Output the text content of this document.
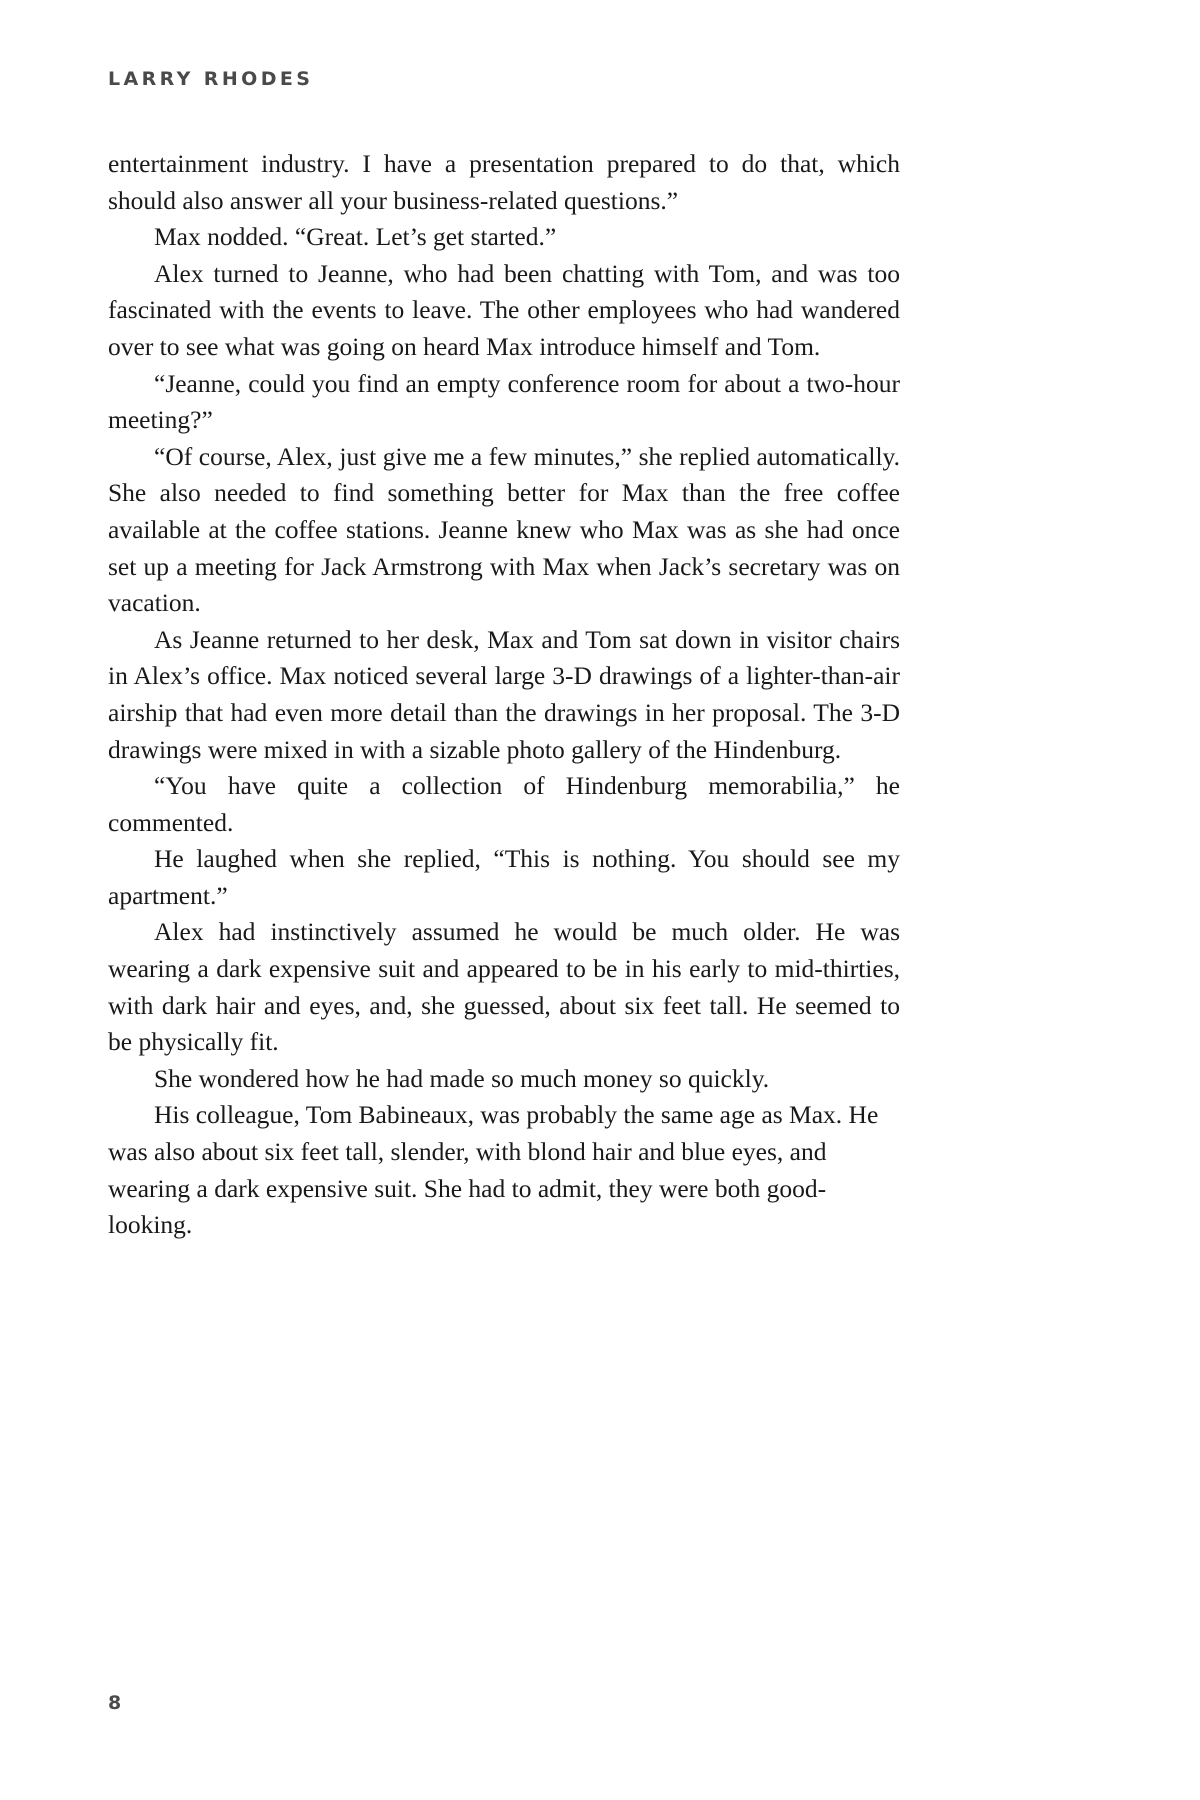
LARRY RHODES

entertainment industry. I have a presentation prepared to do that, which should also answer all your business-related questions.”

Max nodded. “Great. Let’s get started.”

Alex turned to Jeanne, who had been chatting with Tom, and was too fascinated with the events to leave. The other employees who had wandered over to see what was going on heard Max introduce himself and Tom.

“Jeanne, could you find an empty conference room for about a two-hour meeting?”

“Of course, Alex, just give me a few minutes,” she replied automatically. She also needed to find something better for Max than the free coffee available at the coffee stations. Jeanne knew who Max was as she had once set up a meeting for Jack Armstrong with Max when Jack’s secretary was on vacation.

As Jeanne returned to her desk, Max and Tom sat down in visitor chairs in Alex’s office. Max noticed several large 3-D drawings of a lighter-than-air airship that had even more detail than the drawings in her proposal. The 3-D drawings were mixed in with a sizable photo gallery of the Hindenburg.

“You have quite a collection of Hindenburg memorabilia,” he commented.

He laughed when she replied, “This is nothing. You should see my apartment.”

Alex had instinctively assumed he would be much older. He was wearing a dark expensive suit and appeared to be in his early to mid-thirties, with dark hair and eyes, and, she guessed, about six feet tall. He seemed to be physically fit.

She wondered how he had made so much money so quickly.

His colleague, Tom Babineaux, was probably the same age as Max. He was also about six feet tall, slender, with blond hair and blue eyes, and wearing a dark expensive suit. She had to admit, they were both good-looking.

8
